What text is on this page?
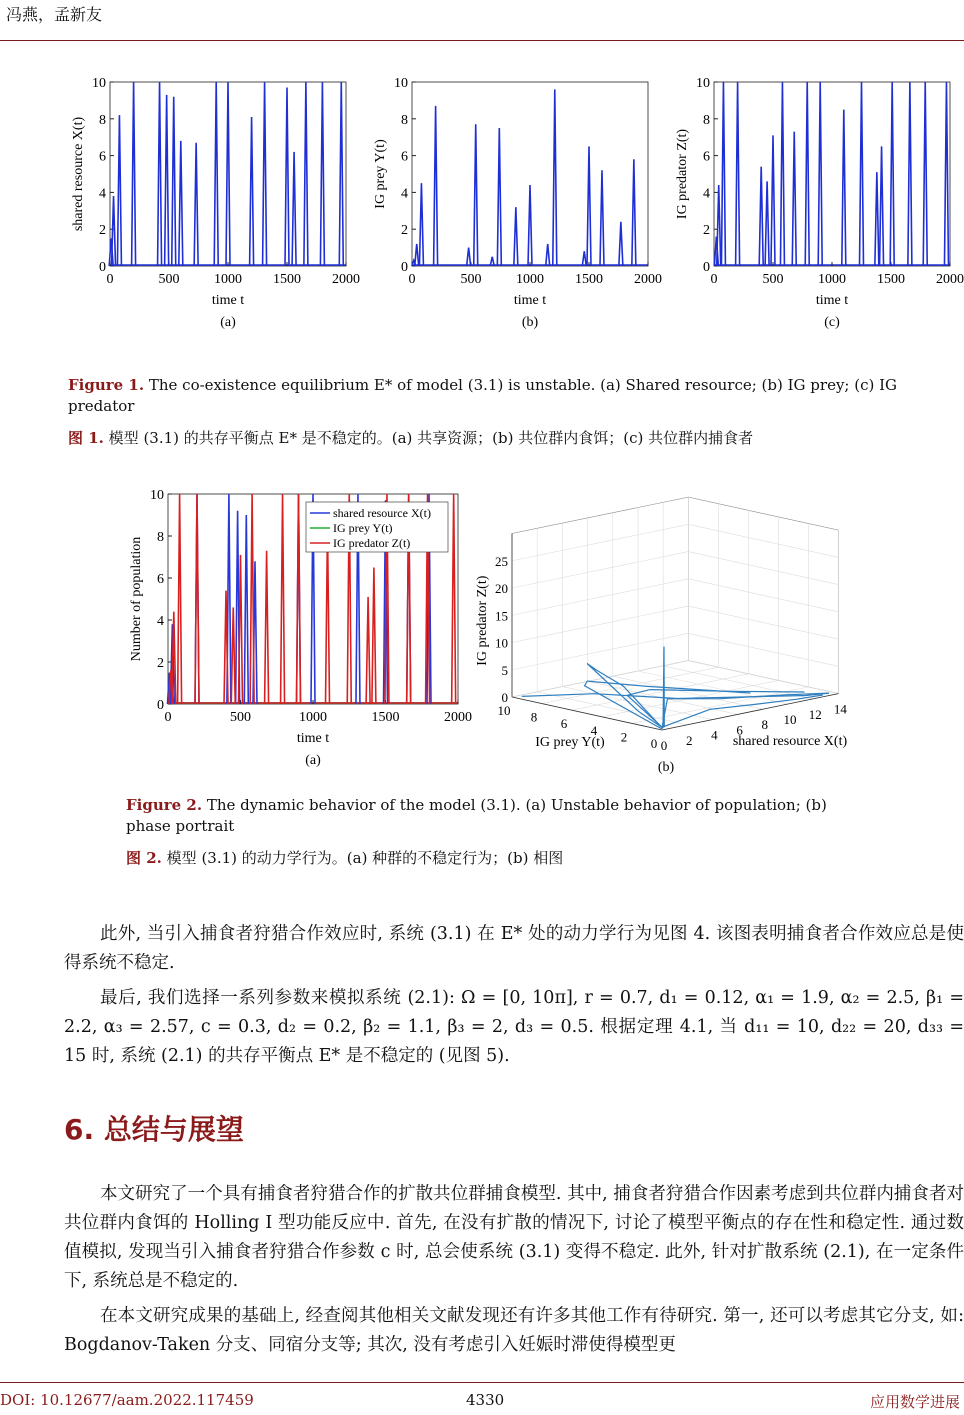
冯燕，孟新友
0	500 1000 1500 2000
0
2
4
6
8
10
time t
(a)
shared resource X(t)
0	500 1000 1500 2000
0
2
4
6
8
10
time t
(b)
IG prey Y(t)
0	500 1000 1500 2000
0
2
4
6
8
10
time t
(c)
IG predator Z(t)
Figure 1. The co-existence equilibrium E* of model (3.1) is unstable. (a) Shared resource; (b) IG prey; (c) IG predator
图 1. 模型 (3.1) 的共存平衡点 E* 是不稳定的。(a) 共享资源；(b) 共位群内食饵；(c) 共位群内捕食者
0	500	1000	1500	2000
0
2
4
6
8
10
time t
(a)
Number of population
shared resource X(t)
IG prey Y(t)
IG predator Z(t)
0 2 4 6 8 10 12 14
0
2
4
6
8
10
0
5
10
15
20
25
shared resource X(t)
IG prey Y(t)
IG predator Z(t)
(b)
Figure 2. The dynamic behavior of the model (3.1). (a) Unstable behavior of population; (b) phase portrait
图 2. 模型 (3.1) 的动力学行为。(a) 种群的不稳定行为；(b) 相图

此外, 当引入捕食者狩猎合作效应时, 系统 (3.1) 在 E* 处的动力学行为见图 4. 该图表明捕食者合作效应总是使得系统不稳定.

最后, 我们选择一系列参数来模拟系统 (2.1): Ω = [0, 10π], r = 0.7, d₁ = 0.12, α₁ = 1.9, α₂ = 2.5, β₁ = 2.2, α₃ = 2.57, c = 0.3, d₂ = 0.2, β₂ = 1.1, β₃ = 2, d₃ = 0.5. 根据定理 4.1, 当 d₁₁ = 10, d₂₂ = 20, d₃₃ = 15 时, 系统 (2.1) 的共存平衡点 E* 是不稳定的 (见图 5).

6. 总结与展望

本文研究了一个具有捕食者狩猎合作的扩散共位群捕食模型. 其中, 捕食者狩猎合作因素考虑到共位群内捕食者对共位群内食饵的 Holling I 型功能反应中. 首先, 在没有扩散的情况下, 讨论了模型平衡点的存在性和稳定性. 通过数值模拟, 发现当引入捕食者狩猎合作参数 c 时, 总会使系统 (3.1) 变得不稳定. 此外, 针对扩散系统 (2.1), 在一定条件下, 系统总是不稳定的.

在本文研究成果的基础上, 经查阅其他相关文献发现还有许多其他工作有待研究. 第一, 还可以考虑其它分支, 如: Bogdanov-Taken 分支、同宿分支等; 其次, 没有考虑引入妊娠时滞使得模型更

DOI: 10.12677/aam.2022.117459	4330	应用数学进展
